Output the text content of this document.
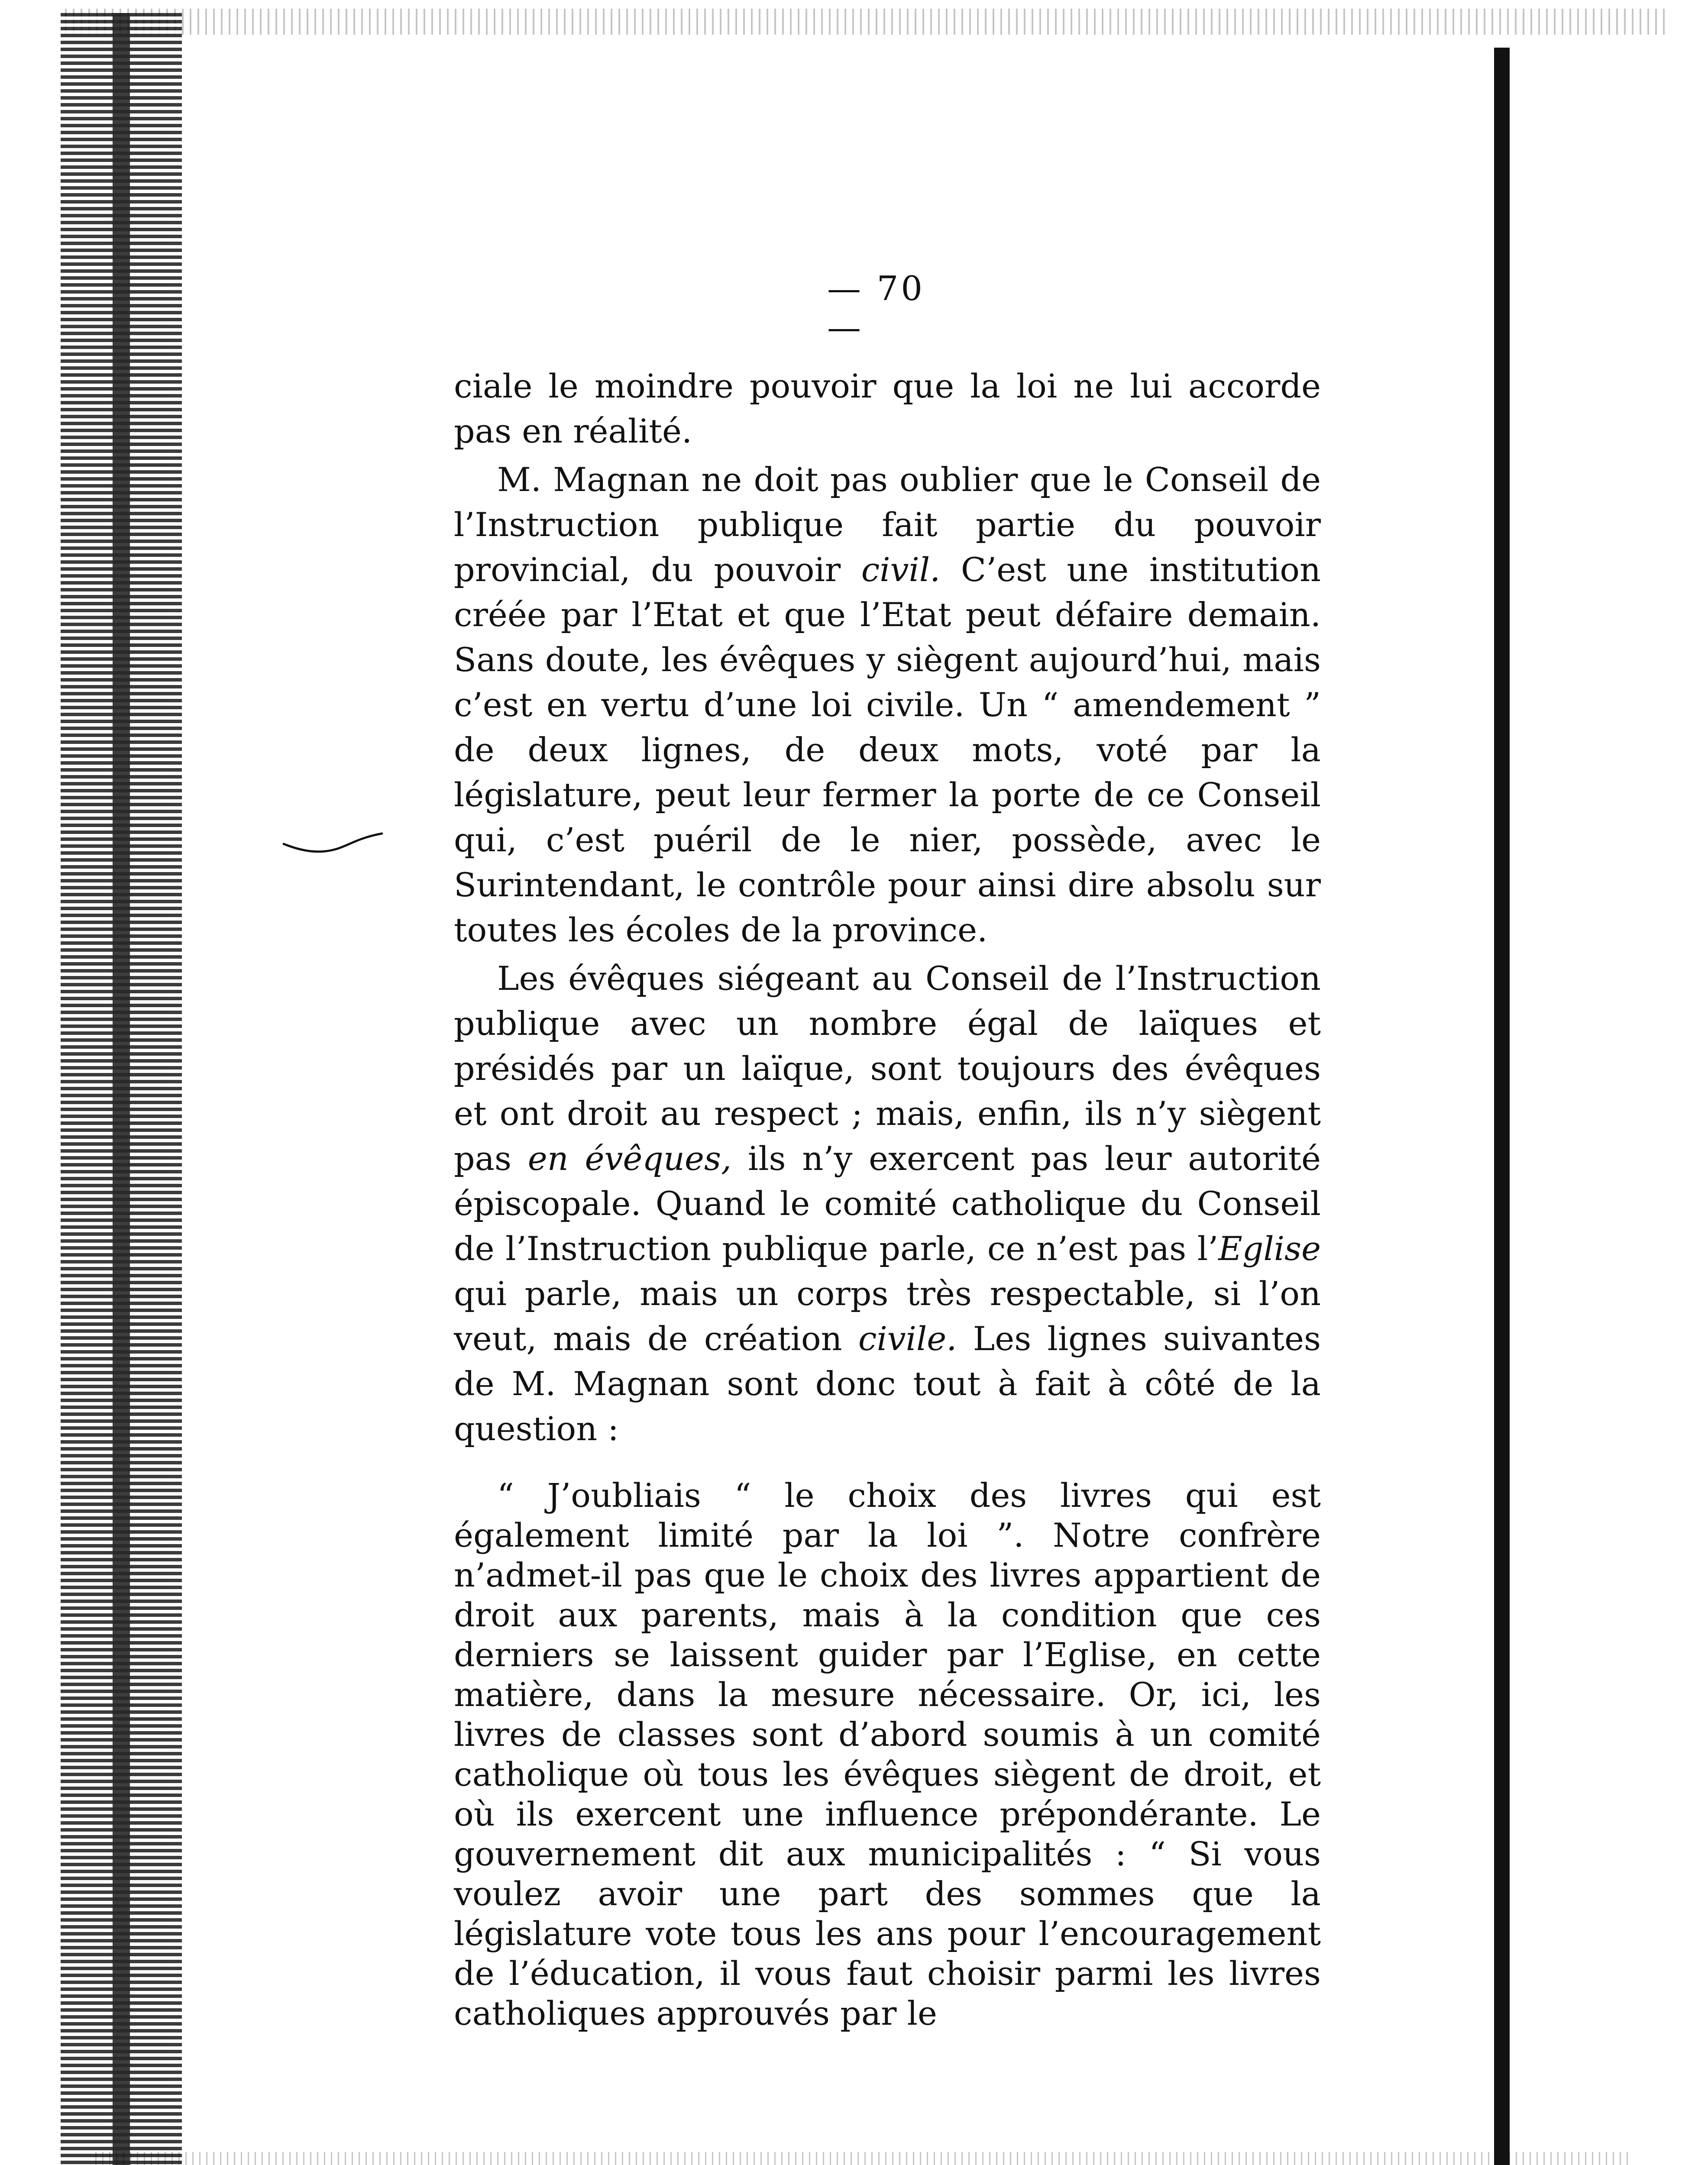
— 70 —

ciale le moindre pouvoir que la loi ne lui accorde pas en réalité.

M. Magnan ne doit pas oublier que le Conseil de l’Instruction publique fait partie du pouvoir provincial, du pouvoir civil. C’est une institution créée par l’Etat et que l’Etat peut défaire demain. Sans doute, les évêques y siègent aujourd’hui, mais c’est en vertu d’une loi civile. Un “ amendement ” de deux lignes, de deux mots, voté par la législature, peut leur fermer la porte de ce Conseil qui, c’est puéril de le nier, possède, avec le Surintendant, le contrôle pour ainsi dire absolu sur toutes les écoles de la province.

Les évêques siégeant au Conseil de l’Instruction publique avec un nombre égal de laïques et présidés par un laïque, sont toujours des évêques et ont droit au respect ; mais, enfin, ils n’y siègent pas en évêques, ils n’y exercent pas leur autorité épiscopale. Quand le comité catholique du Conseil de l’Instruction publique parle, ce n’est pas l’Eglise qui parle, mais un corps très respectable, si l’on veut, mais de création civile. Les lignes suivantes de M. Magnan sont donc tout à fait à côté de la question :

“ J’oubliais “ le choix des livres qui est également limité par la loi ”. Notre confrère n’admet-il pas que le choix des livres appartient de droit aux parents, mais à la condition que ces derniers se laissent guider par l’Eglise, en cette matière, dans la mesure nécessaire. Or, ici, les livres de classes sont d’abord soumis à un comité catholique où tous les évêques siègent de droit, et où ils exercent une influence prépondérante. Le gouvernement dit aux municipalités : “ Si vous voulez avoir une part des sommes que la législature vote tous les ans pour l’encouragement de l’éducation, il vous faut choisir parmi les livres catholiques approuvés par le
